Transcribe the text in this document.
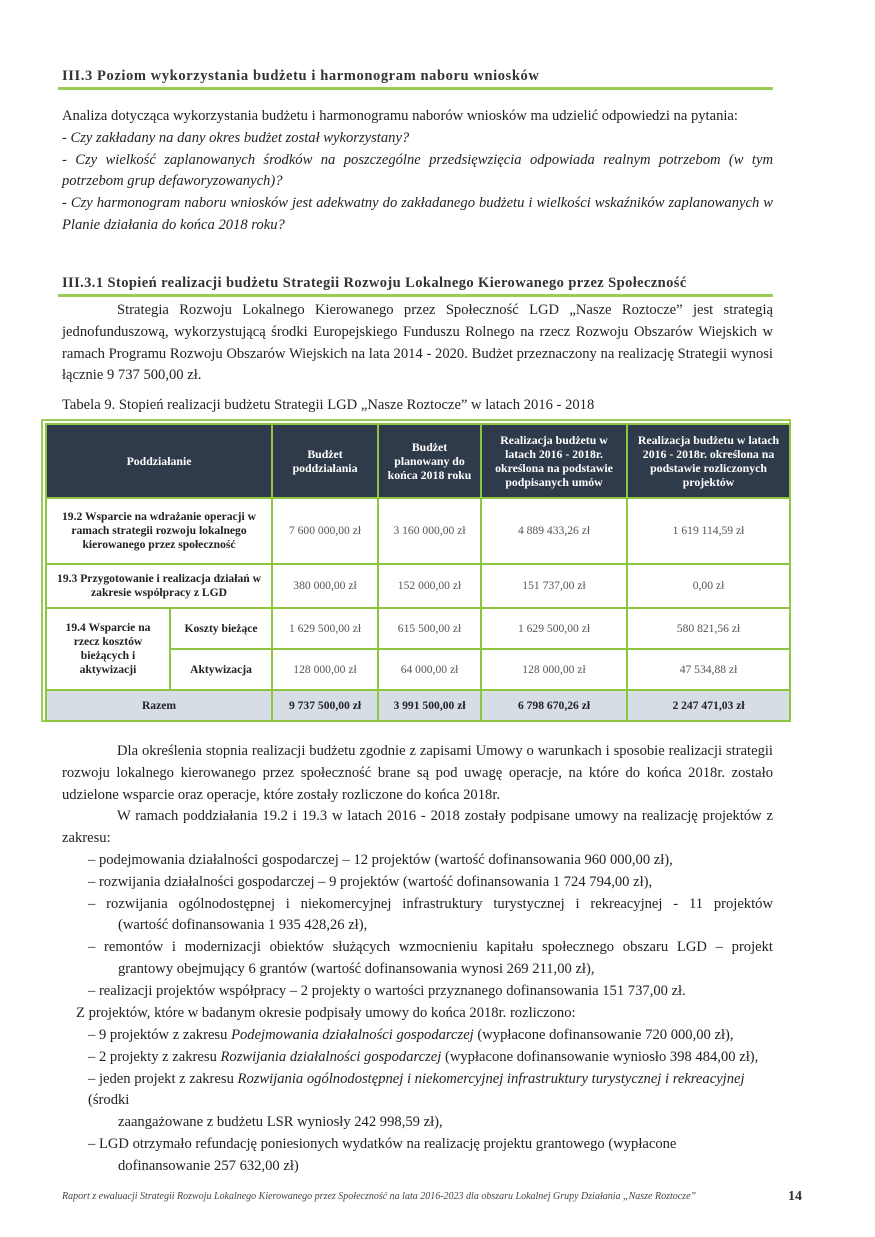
III.3 Poziom wykorzystania budżetu i harmonogram naboru wniosków
Analiza dotycząca wykorzystania budżetu i harmonogramu naborów wniosków ma udzielić odpowiedzi na pytania:
- Czy zakładany na dany okres budżet został wykorzystany?
- Czy wielkość zaplanowanych środków na poszczególne przedsięwzięcia odpowiada realnym potrzebom (w tym potrzebom grup defaworyzowanych)?
- Czy harmonogram naboru wniosków jest adekwatny do zakładanego budżetu i wielkości wskaźników zaplanowanych w Planie działania do końca 2018 roku?
III.3.1 Stopień realizacji budżetu Strategii Rozwoju Lokalnego Kierowanego przez Społeczność
Strategia Rozwoju Lokalnego Kierowanego przez Społeczność LGD „Nasze Roztocze” jest strategią jednofunduszową, wykorzystującą środki Europejskiego Funduszu Rolnego na rzecz Rozwoju Obszarów Wiejskich w ramach Programu Rozwoju Obszarów Wiejskich na lata 2014 - 2020. Budżet przeznaczony na realizację Strategii wynosi łącznie 9 737 500,00 zł.
Tabela 9. Stopień realizacji budżetu Strategii LGD „Nasze Roztocze” w latach 2016 - 2018
Poddziałanie		Budżet poddziałania	Budżet planowany do końca 2018 roku	Realizacja budżetu w latach 2016 - 2018r. określona na podstawie podpisanych umów	Realizacja budżetu w latach 2016 - 2018r. określona na podstawie rozliczonych projektów
19.2 Wsparcie na wdrażanie operacji w ramach strategii rozwoju lokalnego kierowanego przez społeczność		7 600 000,00 zł	3 160 000,00 zł	4 889 433,26 zł	1 619 114,59 zł
19.3 Przygotowanie i realizacja działań w zakresie współpracy z LGD		380 000,00 zł	152 000,00 zł	151 737,00 zł	0,00 zł
19.4 Wsparcie na rzecz kosztów bieżących i aktywizacji	Koszty bieżące	1 629 500,00 zł	615 500,00 zł	1 629 500,00 zł	580 821,56 zł
	Aktywizacja	128 000,00 zł	64 000,00 zł	128 000,00 zł	47 534,88 zł
Razem		9 737 500,00 zł	3 991 500,00 zł	6 798 670,26 zł	2 247 471,03 zł
Dla określenia stopnia realizacji budżetu zgodnie z zapisami Umowy o warunkach i sposobie realizacji strategii rozwoju lokalnego kierowanego przez społeczność brane są pod uwagę operacje, na które do końca 2018r. zostało udzielone wsparcie oraz operacje, które zostały rozliczone do końca 2018r.
W ramach poddziałania 19.2 i 19.3 w latach 2016 - 2018 zostały podpisane umowy na realizację projektów z zakresu:
– podejmowania działalności gospodarczej – 12 projektów (wartość dofinansowania 960 000,00 zł),
– rozwijania działalności gospodarczej – 9 projektów (wartość dofinansowania 1 724 794,00 zł),
– rozwijania ogólnodostępnej i niekomercyjnej infrastruktury turystycznej i rekreacyjnej - 11 projektów
(wartość dofinansowania 1 935 428,26 zł),
– remontów i modernizacji obiektów służących wzmocnieniu kapitału społecznego obszaru LGD – projekt
grantowy obejmujący 6 grantów (wartość dofinansowania wynosi 269 211,00 zł),
– realizacji projektów współpracy – 2 projekty o wartości przyznanego dofinansowania 151 737,00 zł.
Z projektów, które w badanym okresie podpisały umowy do końca 2018r. rozliczono:
– 9 projektów z zakresu Podejmowania działalności gospodarczej (wypłacone dofinansowanie 720 000,00 zł),
– 2 projekty z zakresu Rozwijania działalności gospodarczej (wypłacone dofinansowanie wyniosło 398 484,00 zł),
– jeden projekt z zakresu Rozwijania ogólnodostępnej i niekomercyjnej infrastruktury turystycznej i rekreacyjnej (środki
zaangażowane z budżetu LSR wyniosły 242 998,59 zł),
– LGD otrzymało refundację poniesionych wydatków na realizację projektu grantowego (wypłacone
dofinansowanie 257 632,00 zł)
Raport z ewaluacji Strategii Rozwoju Lokalnego Kierowanego przez Społeczność na lata 2016-2023 dla obszaru Lokalnej Grupy Działania „Nasze Roztocze”	14
